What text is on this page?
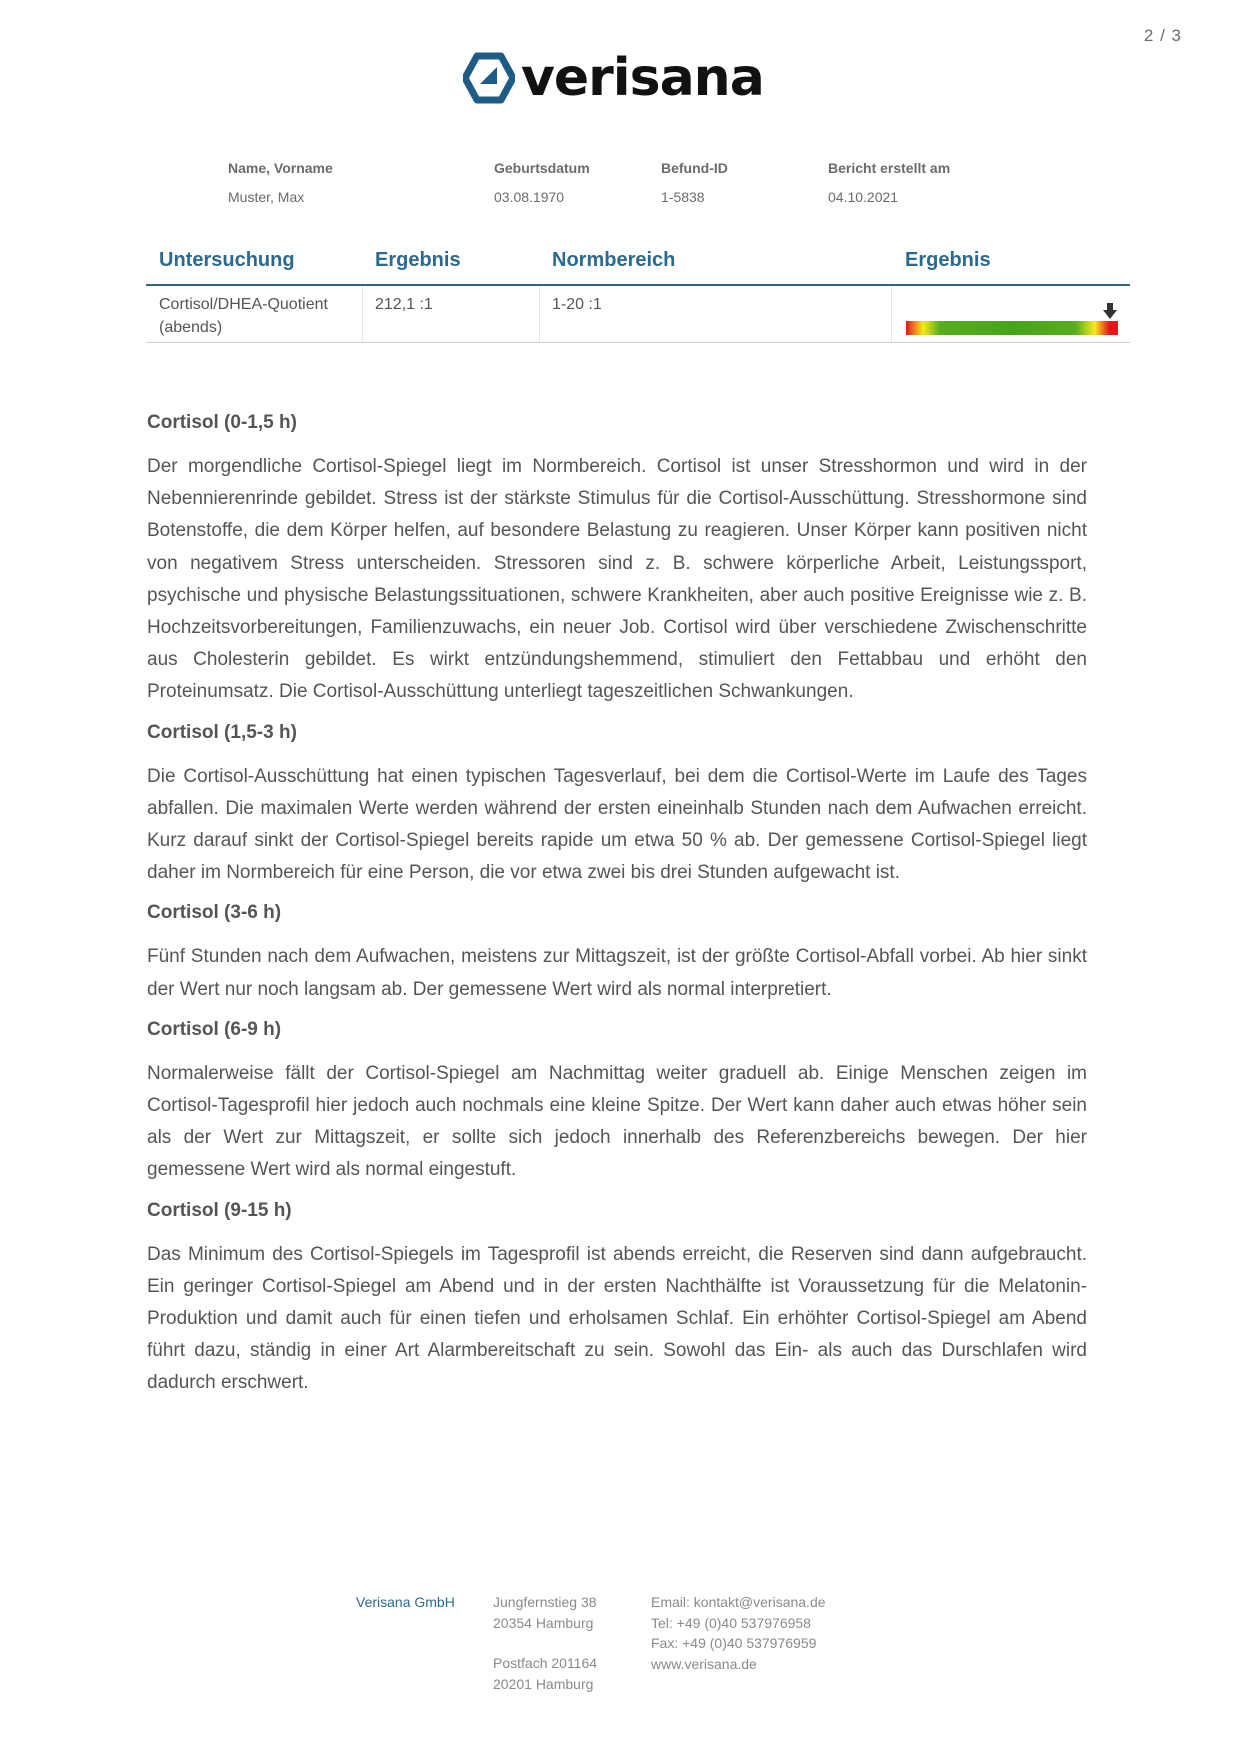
2 / 3
verisana
Name, Vorname
Muster, Max
Geburtsdatum
03.08.1970
Befund-ID
1-5838
Bericht erstellt am
04.10.2021
Untersuchung	Ergebnis	Normbereich	Ergebnis
Cortisol/DHEA-Quotient
(abends)
212,1 :1	1-20 :1
Cortisol (0-1,5 h)

Der morgendliche Cortisol-Spiegel liegt im Normbereich. Cortisol ist unser Stresshormon und wird in der Nebennierenrinde gebildet. Stress ist der stärkste Stimulus für die Cortisol-Ausschüttung. Stresshormone sind Botenstoffe, die dem Körper helfen, auf besondere Belastung zu reagieren. Unser Körper kann positiven nicht von negativem Stress unterscheiden. Stressoren sind z. B. schwere körperliche Arbeit, Leistungssport, psychische und physische Belastungssituationen, schwere Krankheiten, aber auch positive Ereignisse wie z. B. Hochzeitsvorbereitungen, Familienzuwachs, ein neuer Job. Cortisol wird über verschiedene Zwischenschritte aus Cholesterin gebildet. Es wirkt entzündungshemmend, stimuliert den Fettabbau und erhöht den Proteinumsatz. Die Cortisol-Ausschüttung unterliegt tageszeitlichen Schwankungen.

Cortisol (1,5-3 h)

Die Cortisol-Ausschüttung hat einen typischen Tagesverlauf, bei dem die Cortisol-Werte im Laufe des Tages abfallen. Die maximalen Werte werden während der ersten eineinhalb Stunden nach dem Aufwachen erreicht. Kurz darauf sinkt der Cortisol-Spiegel bereits rapide um etwa 50 % ab. Der gemessene Cortisol-Spiegel liegt daher im Normbereich für eine Person, die vor etwa zwei bis drei Stunden aufgewacht ist.

Cortisol (3-6 h)

Fünf Stunden nach dem Aufwachen, meistens zur Mittagszeit, ist der größte Cortisol-Abfall vorbei. Ab hier sinkt der Wert nur noch langsam ab. Der gemessene Wert wird als normal interpretiert.

Cortisol (6-9 h)

Normalerweise fällt der Cortisol-Spiegel am Nachmittag weiter graduell ab. Einige Menschen zeigen im Cortisol-Tagesprofil hier jedoch auch nochmals eine kleine Spitze. Der Wert kann daher auch etwas höher sein als der Wert zur Mittagszeit, er sollte sich jedoch innerhalb des Referenzbereichs bewegen. Der hier gemessene Wert wird als normal eingestuft.

Cortisol (9-15 h)

Das Minimum des Cortisol-Spiegels im Tagesprofil ist abends erreicht, die Reserven sind dann aufgebraucht. Ein geringer Cortisol-Spiegel am Abend und in der ersten Nachthälfte ist Voraussetzung für die Melatonin-Produktion und damit auch für einen tiefen und erholsamen Schlaf. Ein erhöhter Cortisol-Spiegel am Abend führt dazu, ständig in einer Art Alarmbereitschaft zu sein. Sowohl das Ein- als auch das Durschlafen wird dadurch erschwert.

Verisana GmbH	Jungfernstieg 38
20354 Hamburg
Postfach 201164
20201 Hamburg
Email: kontakt@verisana.de
Tel: +49 (0)40 537976958
Fax: +49 (0)40 537976959
www.verisana.de
